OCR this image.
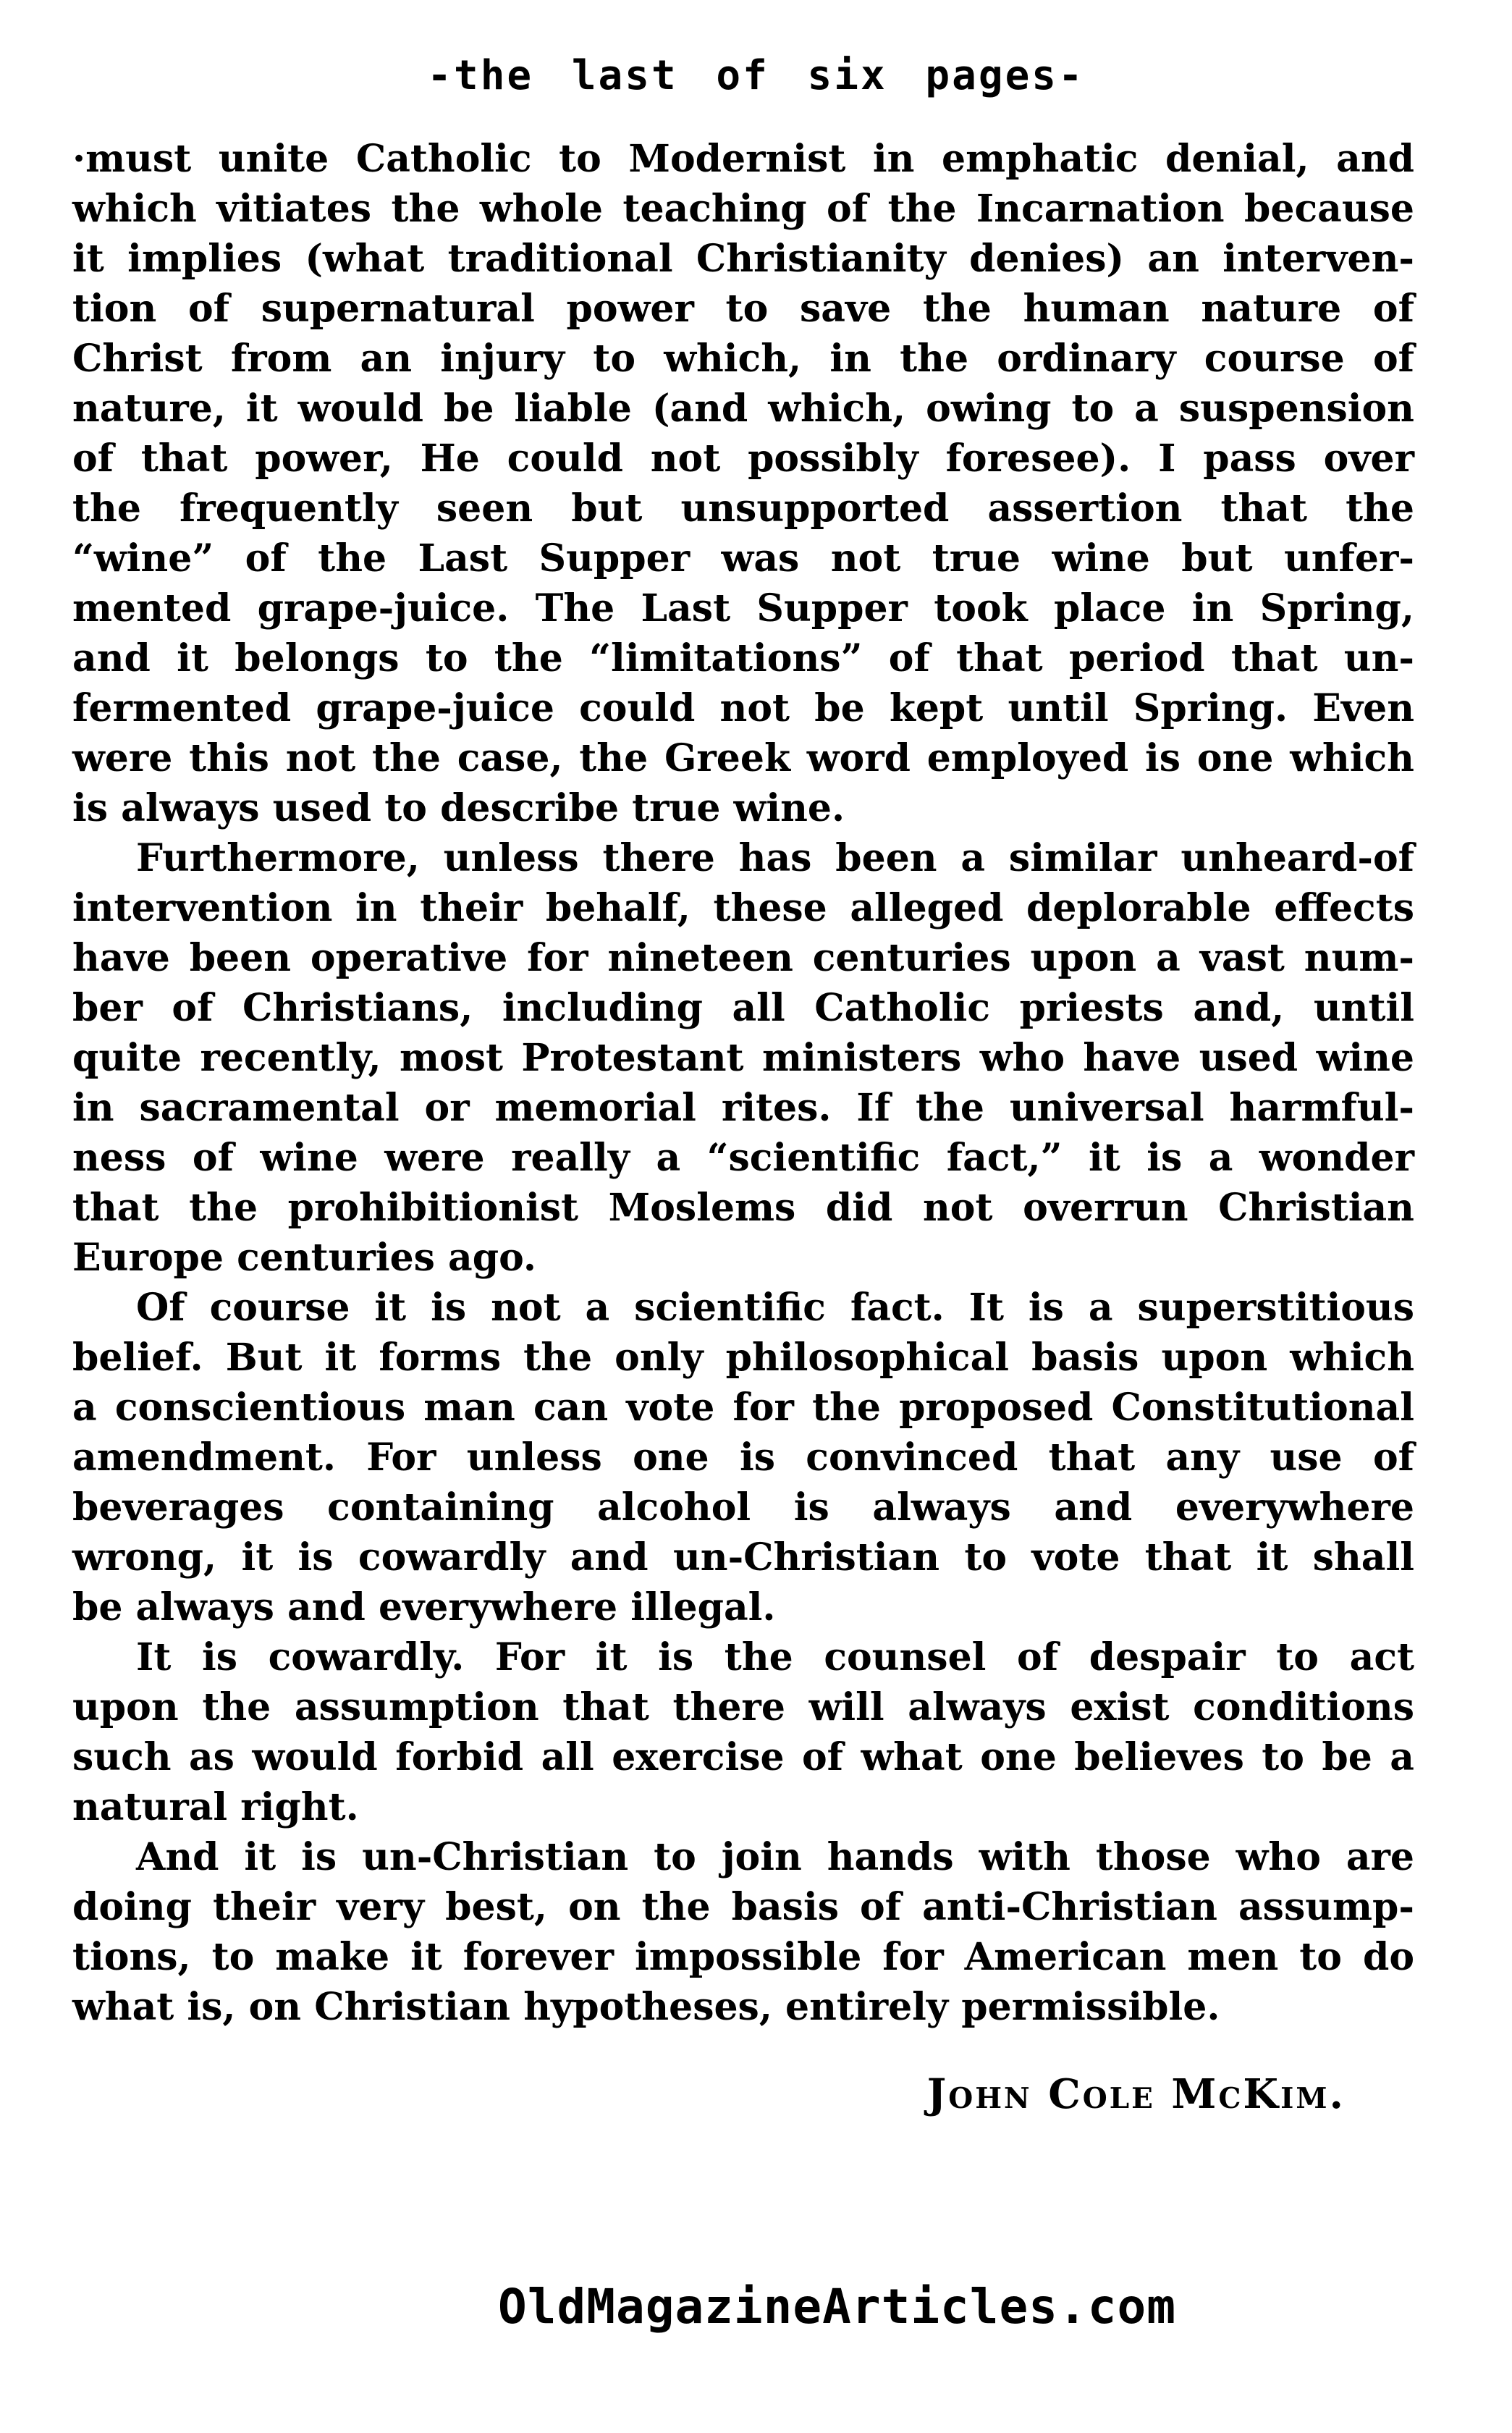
-the last of six pages-
·must unite Catholic to Modernist in emphatic denial, and
which vitiates the whole teaching of the Incarnation because
it implies (what traditional Christianity denies) an interven-
tion of supernatural power to save the human nature of
Christ from an injury to which, in the ordinary course of
nature, it would be liable (and which, owing to a suspension
of that power, He could not possibly foresee). I pass over
the frequently seen but unsupported assertion that the
“wine” of the Last Supper was not true wine but unfer-
mented grape-juice. The Last Supper took place in Spring,
and it belongs to the “limitations” of that period that un-
fermented grape-juice could not be kept until Spring. Even
were this not the case, the Greek word employed is one which
is always used to describe true wine.
Furthermore, unless there has been a similar unheard-of
intervention in their behalf, these alleged deplorable effects
have been operative for nineteen centuries upon a vast num-
ber of Christians, including all Catholic priests and, until
quite recently, most Protestant ministers who have used wine
in sacramental or memorial rites. If the universal harmful-
ness of wine were really a “scientific fact,” it is a wonder
that the prohibitionist Moslems did not overrun Christian
Europe centuries ago.
Of course it is not a scientific fact. It is a superstitious
belief. But it forms the only philosophical basis upon which
a conscientious man can vote for the proposed Constitutional
amendment. For unless one is convinced that any use of
beverages containing alcohol is always and everywhere
wrong, it is cowardly and un-Christian to vote that it shall
be always and everywhere illegal.
It is cowardly. For it is the counsel of despair to act
upon the assumption that there will always exist conditions
such as would forbid all exercise of what one believes to be a
natural right.
And it is un-Christian to join hands with those who are
doing their very best, on the basis of anti-Christian assump-
tions, to make it forever impossible for American men to do
what is, on Christian hypotheses, entirely permissible.
John Cole McKim.
OldMagazineArticles.com
